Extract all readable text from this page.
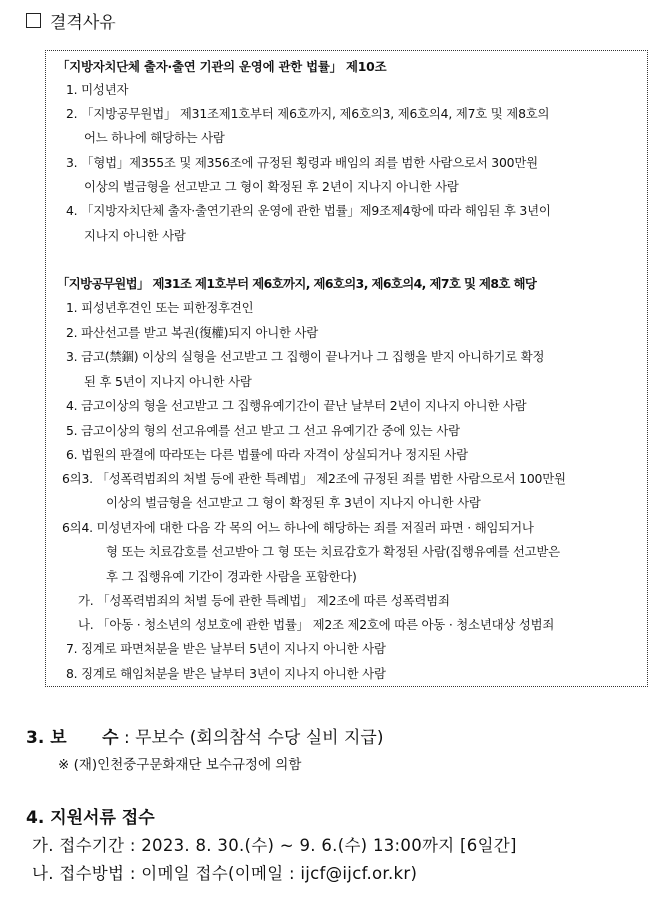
결격사유
「지방자치단체 출자·출연 기관의 운영에 관한 법률」 제10조
1. 미성년자
2. 「지방공무원법」 제31조제1호부터 제6호까지, 제6호의3, 제6호의4, 제7호 및 제8호의
어느 하나에 해당하는 사람
3. 「형법」제355조 및 제356조에 규정된 횡령과 배임의 죄를 범한 사람으로서 300만원
이상의 벌금형을 선고받고 그 형이 확정된 후 2년이 지나지 아니한 사람
4. 「지방자치단체 출자·출연기관의 운영에 관한 법률」제9조제4항에 따라 해임된 후 3년이
지나지 아니한 사람
「지방공무원법」 제31조 제1호부터 제6호까지, 제6호의3, 제6호의4, 제7호 및 제8호 해당
1. 피성년후견인 또는 피한정후견인
2. 파산선고를 받고 복권(復權)되지 아니한 사람
3. 금고(禁錮) 이상의 실형을 선고받고 그 집행이 끝나거나 그 집행을 받지 아니하기로 확정
된 후 5년이 지나지 아니한 사람
4. 금고이상의 형을 선고받고 그 집행유예기간이 끝난 날부터 2년이 지나지 아니한 사람
5. 금고이상의 형의 선고유예를 선고 받고 그 선고 유예기간 중에 있는 사람
6. 법원의 판결에 따라또는 다른 법률에 따라 자격이 상실되거나 정지된 사람
6의3. 「성폭력범죄의 처벌 등에 관한 특례법」 제2조에 규정된 죄를 범한 사람으로서 100만원
이상의 벌금형을 선고받고 그 형이 확정된 후 3년이 지나지 아니한 사람
6의4. 미성년자에 대한 다음 각 목의 어느 하나에 해당하는 죄를 저질러 파면 · 해임되거나
형 또는 치료감호를 선고받아 그 형 또는 치료감호가 확정된 사람(집행유예를 선고받은
후 그 집행유예 기간이 경과한 사람을 포함한다)
가. 「성폭력범죄의 처벌 등에 관한 특례법」 제2조에 따른 성폭력범죄
나. 「아동 · 청소년의 성보호에 관한 법률」 제2조 제2호에 따른 아동 · 청소년대상 성범죄
7. 징계로 파면처분을 받은 날부터 5년이 지나지 아니한 사람
8. 징계로 해임처분을 받은 날부터 3년이 지나지 아니한 사람
3. 보      수 : 무보수 (회의참석 수당 실비 지급)
※ (재)인천중구문화재단 보수규정에 의함
4. 지원서류 접수
가. 접수기간 : 2023. 8. 30.(수) ~ 9. 6.(수) 13:00까지 [6일간]
나. 접수방법 : 이메일 접수(이메일 : ijcf@ijcf.or.kr)
